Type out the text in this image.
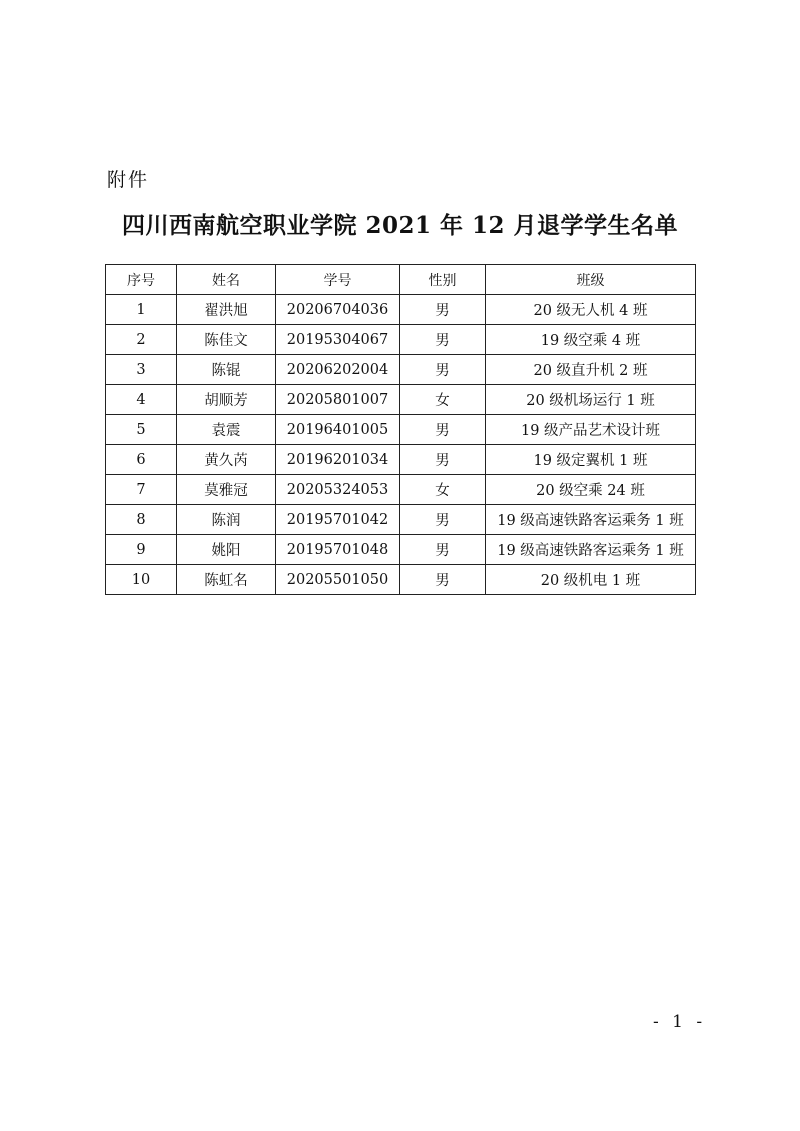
附件
四川西南航空职业学院 2021 年 12 月退学学生名单
序号	姓名	学号	性别	班级
1	翟洪旭	20206704036	男	20 级无人机 4 班
2	陈佳文	20195304067	男	19 级空乘 4 班
3	陈锟	20206202004	男	20 级直升机 2 班
4	胡顺芳	20205801007	女	20 级机场运行 1 班
5	袁震	20196401005	男	19 级产品艺术设计班
6	黄久芮	20196201034	男	19 级定翼机 1 班
7	莫雅冠	20205324053	女	20 级空乘 24 班
8	陈润	20195701042	男	19 级高速铁路客运乘务 1 班
9	姚阳	20195701048	男	19 级高速铁路客运乘务 1 班
10	陈虹名	20205501050	男	20 级机电 1 班
- 1 -
